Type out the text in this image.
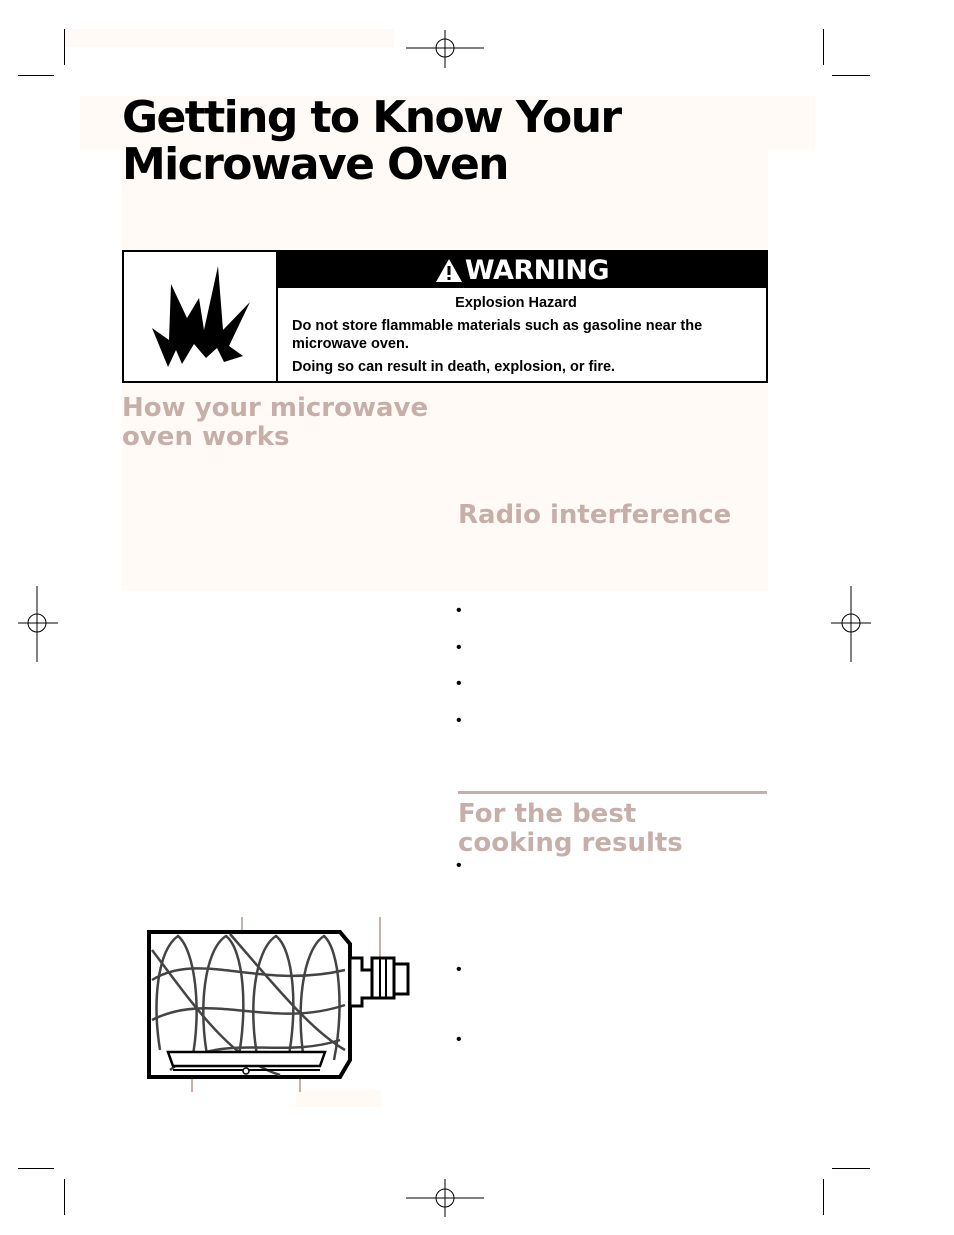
Getting to Know Your
Microwave Oven
WARNING

Explosion Hazard

Do not store flammable materials such as gasoline near the microwave oven.

Doing so can result in death, explosion, or fire.

How your microwave
oven works
Radio interference
•
•
•
•
For the best
cooking results
•
•
•
